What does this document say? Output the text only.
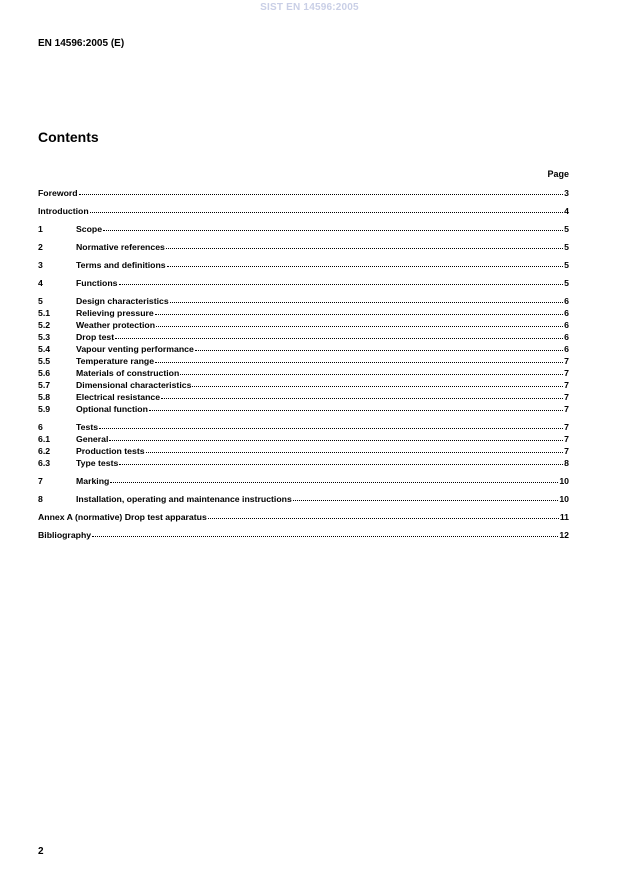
SIST EN 14596:2005
EN 14596:2005 (E)
Contents
Page
Foreword	3
Introduction	4
1	Scope	5
2	Normative references	5
3	Terms and definitions	5
4	Functions	5
5	Design characteristics	6
5.1	Relieving pressure	6
5.2	Weather protection	6
5.3	Drop test	6
5.4	Vapour venting performance	6
5.5	Temperature range	7
5.6	Materials of construction	7
5.7	Dimensional characteristics	7
5.8	Electrical resistance	7
5.9	Optional function	7
6	Tests	7
6.1	General	7
6.2	Production tests	7
6.3	Type tests	8
7	Marking	10
8	Installation, operating and maintenance instructions	10
Annex A (normative) Drop test apparatus	11
Bibliography	12
2
